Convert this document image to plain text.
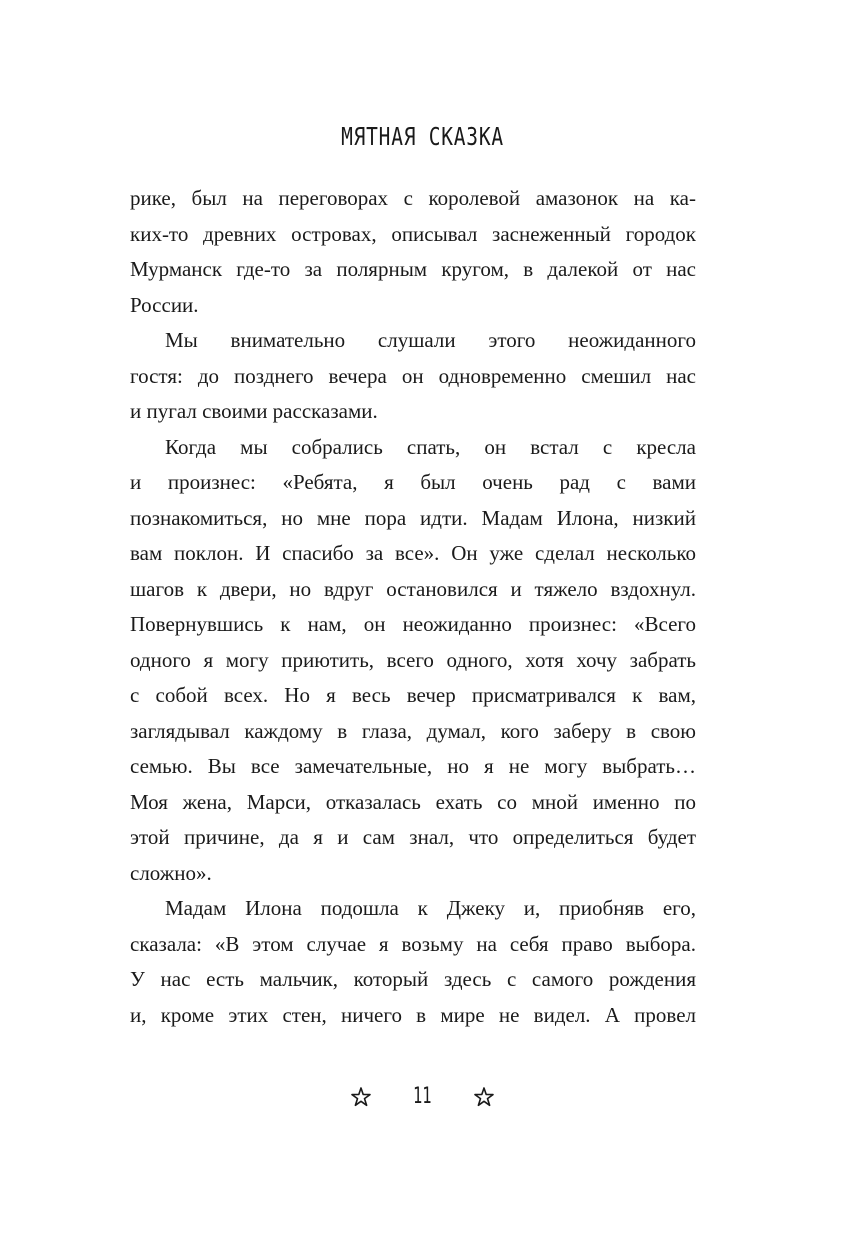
МЯТНАЯ СКАЗКА
рике, был на переговорах с королевой амазонок на ка-
ких-то древних островах, описывал заснеженный городок
Мурманск где-то за полярным кругом, в далекой от нас
России.
Мы внимательно слушали этого неожиданного
гостя: до позднего вечера он одновременно смешил нас
и пугал своими рассказами.
Когда мы собрались спать, он встал с кресла
и произнес: «Ребята, я был очень рад с вами
познакомиться, но мне пора идти. Мадам Илона, низкий
вам поклон. И спасибо за все». Он уже сделал несколько
шагов к двери, но вдруг остановился и тяжело вздохнул.
Повернувшись к нам, он неожиданно произнес: «Всего
одного я могу приютить, всего одного, хотя хочу забрать
с собой всех. Но я весь вечер присматривался к вам,
заглядывал каждому в глаза, думал, кого заберу в свою
семью. Вы все замечательные, но я не могу выбрать…
Моя жена, Марси, отказалась ехать со мной именно по
этой причине, да я и сам знал, что определиться будет
сложно».
Мадам Илона подошла к Джеку и, приобняв его,
сказала: «В этом случае я возьму на себя право выбора.
У нас есть мальчик, который здесь с самого рождения
и, кроме этих стен, ничего в мире не видел. А провел
11
